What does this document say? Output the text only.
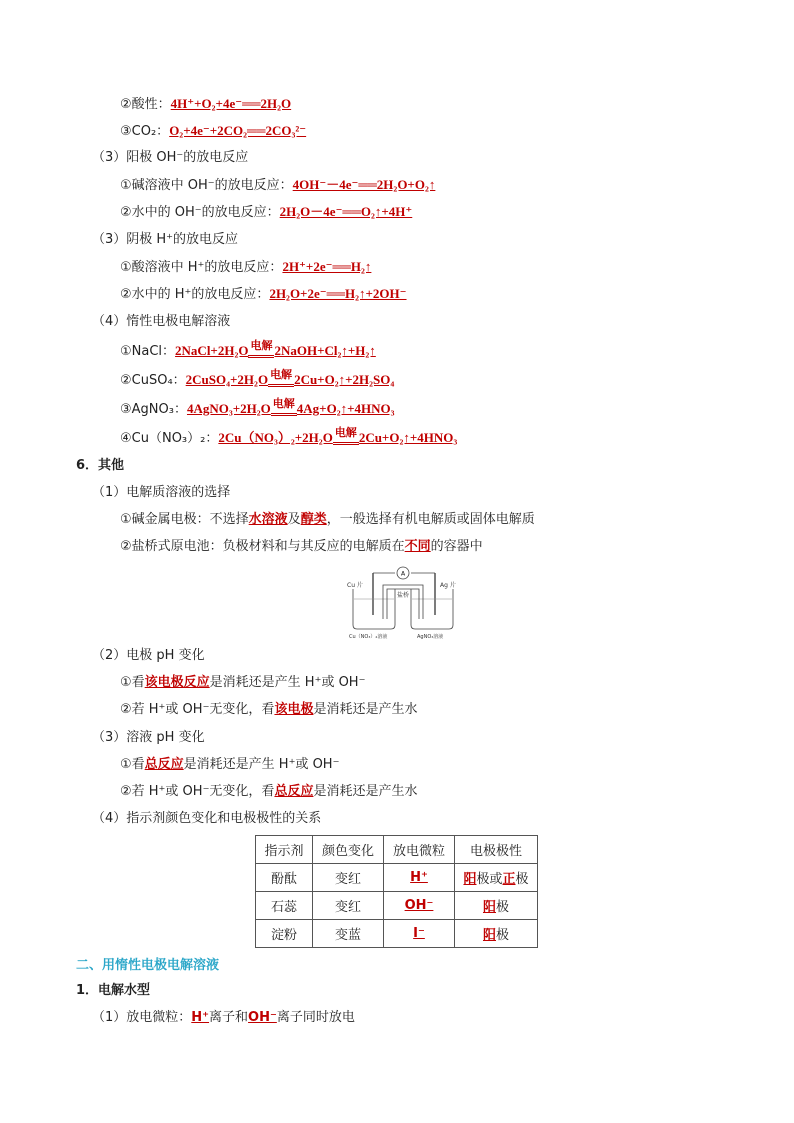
②酸性：4H⁺+O₂+4e⁻══2H₂O
③CO₂：O₂+4e⁻+2CO₂══2CO₃²⁻
（3）阳极 OH⁻的放电反应
①碱溶液中 OH⁻的放电反应：4OH⁻－4e⁻══2H₂O+O₂↑
②水中的 OH⁻的放电反应：2H₂O－4e⁻══O₂↑+4H⁺
（3）阴极 H⁺的放电反应
①酸溶液中 H⁺的放电反应：2H⁺+2e⁻══H₂↑
②水中的 H⁺的放电反应：2H₂O+2e⁻══H₂↑+2OH⁻
（4）惰性电极电解溶液
①NaCl：2NaCl+2H₂O 电解 2NaOH+Cl₂↑+H₂↑
②CuSO₄：2CuSO₄+2H₂O 电解 2Cu+O₂↑+2H₂SO₄
③AgNO₃：4AgNO₃+2H₂O 电解 4Ag+O₂↑+4HNO₃
④Cu（NO₃）₂：2Cu（NO₃）₂+2H₂O 电解 2Cu+O₂↑+4HNO₃
6．其他
（1）电解质溶液的选择
①碱金属电极：不选择水溶液及醇类，一般选择有机电解质或固体电解质
②盐桥式原电池：负极材料和与其反应的电解质在不同的容器中
A
Cu 片	Ag 片
盐桥
Cu（NO₃）₂溶液	AgNO₃溶液
（2）电极 pH 变化
①看该电极反应是消耗还是产生 H⁺或 OH⁻
②若 H⁺或 OH⁻无变化，看该电极是消耗还是产生水
（3）溶液 pH 变化
①看总反应是消耗还是产生 H⁺或 OH⁻
②若 H⁺或 OH⁻无变化，看总反应是消耗还是产生水
（4）指示剂颜色变化和电极极性的关系
指示剂	颜色变化	放电微粒	电极极性
酚酞	变红	H⁺	阳极或正极
石蕊	变红	OH⁻	阳极
淀粉	变蓝	I⁻	阳极
二、用惰性电极电解溶液
1．电解水型
（1）放电微粒：H⁺离子和OH⁻离子同时放电
